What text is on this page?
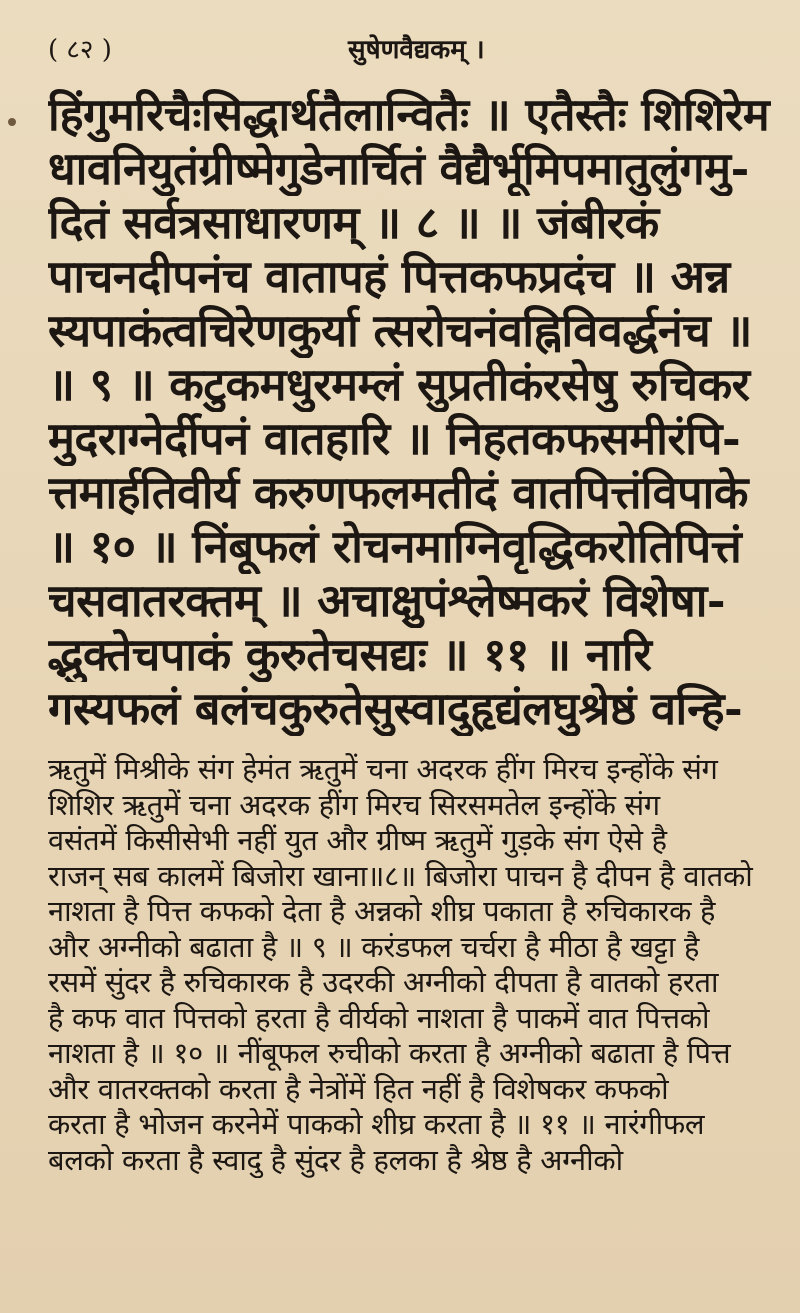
( ८२ )	सुषेणवैद्यकम् ।
हिंगुमरिचैःसिद्धार्थतैलान्वितैः ॥ एतैस्तैः शिशिरेम
धावनियुतंग्रीष्मेगुडेनार्चितं वैद्यैर्भूमिपमातुलुंगमु-
दितं सर्वत्रसाधारणम् ॥ ८ ॥ ॥ जंबीरकं
पाचनदीपनंच वातापहं पित्तकफप्रदंच ॥ अन्न
स्यपाकंत्वचिरेणकुर्या त्सरोचनंवह्निविवर्द्धनंच ॥
॥ ९ ॥ कटुकमधुरमम्लं सुप्रतीकंरसेषु रुचिकर
मुदराग्नेर्दीपनं वातहारि ॥ निहतकफसमीरंपि-
त्तमार्हतिवीर्य करुणफलमतीदं वातपित्तंविपाके
॥ १० ॥ निंबूफलं रोचनमाग्निवृद्धिकरोतिपित्तं
चसवातरक्तम् ॥ अचाक्षुपंश्लेष्मकरं विशेषा-
द्भुक्तेचपाकं कुरुतेचसद्यः ॥ ११ ॥ नारि
गस्यफलं बलंचकुरुतेसुस्वादुहृद्यंलघुश्रेष्ठं वन्हि-
ऋतुमें मिश्रीके संग हेमंत ऋतुमें चना अदरक हींग मिरच इन्होंके संग
शिशिर ऋतुमें चना अदरक हींग मिरच सिरसमतेल इन्होंके संग
वसंतमें किसीसेभी नहीं युत और ग्रीष्म ऋतुमें गुड़के संग ऐसे है
राजन् सब कालमें बिजोरा खाना॥८॥ बिजोरा पाचन है दीपन है वातको
नाशता है पित्त कफको देता है अन्नको शीघ्र पकाता है रुचिकारक है
और अग्नीको बढाता है ॥ ९ ॥ करंडफल चर्चरा है मीठा है खट्टा है
रसमें सुंदर है रुचिकारक है उदरकी अग्नीको दीपता है वातको हरता
है कफ वात पित्तको हरता है वीर्यको नाशता है पाकमें वात पित्तको
नाशता है ॥ १० ॥ नींबूफल रुचीको करता है अग्नीको बढाता है पित्त
और वातरक्तको करता है नेत्रोंमें हित नहीं है विशेषकर कफको
करता है भोजन करनेमें पाकको शीघ्र करता है ॥ ११ ॥ नारंगीफल
बलको करता है स्वादु है सुंदर है हलका है श्रेष्ठ है अग्नीको
